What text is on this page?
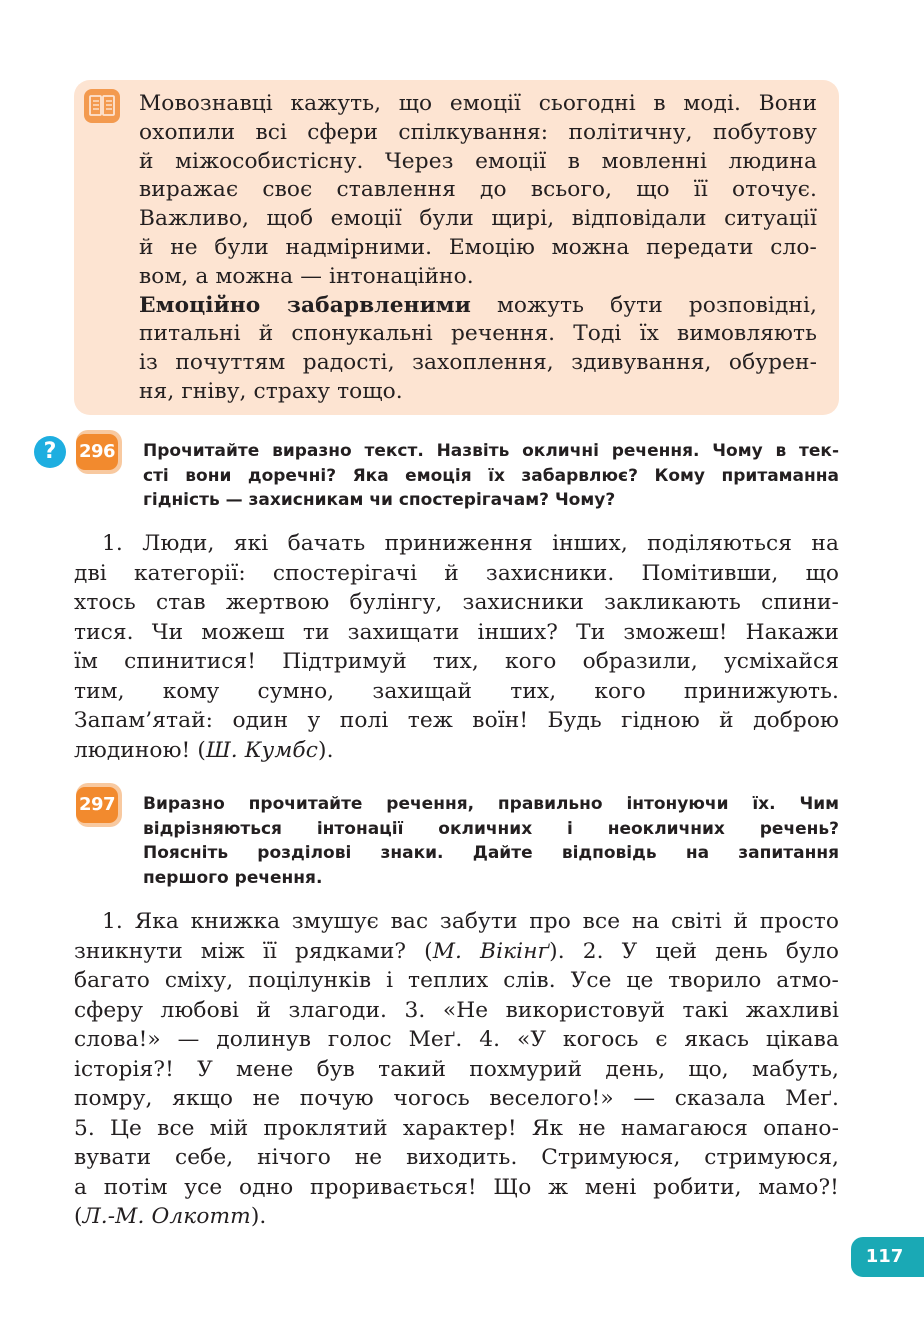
Мовознавці кажуть, що емоції сьогодні в моді. Вони
охопили всі сфери спілкування: політичну, побутову
й міжособистісну. Через емоції в мовленні людина
виражає своє ставлення до всього, що її оточує.
Важливо, щоб емоції були щирі, відповідали ситуації
й не були надмірними. Емоцію можна передати сло-
вом, а можна — інтонаційно.
Емоційно забарвленими можуть бути розповідні,
питальні й спонукальні речення. Тоді їх вимовляють
із почуттям радості, захоплення, здивування, обурен-
ня, гніву, страху тощо.
?	296 Прочитайте виразно текст. Назвіть окличні речення. Чому в тек-
сті вони доречні? Яка емоція їх забарвлює? Кому притаманна
гідність — захисникам чи спостерігачам? Чому?
1. Люди, які бачать приниження інших, поділяються на
дві категорії: спостерігачі й захисники. Помітивши, що
хтось став жертвою булінгу, захисники закликають спини-
тися. Чи можеш ти захищати інших? Ти зможеш! Накажи
їм спинитися! Підтримуй тих, кого образили, усміхайся
тим, кому сумно, захищай тих, кого принижують.
Запам’ятай: один у полі теж воїн! Будь гідною й доброю
людиною! (Ш. Кумбс).
297 Виразно прочитайте речення, правильно інтонуючи їх. Чим
відрізняються інтонації окличних і неокличних речень?
Поясніть розділові знаки. Дайте відповідь на запитання
першого речення.
1. Яка книжка змушує вас забути про все на світі й просто
зникнути між її рядками? (М. Вікінґ). 2. У цей день було
багато сміху, поцілунків і теплих слів. Усе це творило атмо-
сферу любові й злагоди. 3. «Не використовуй такі жахливі
слова!» — долинув голос Меґ. 4. «У когось є якась цікава
історія?! У мене був такий похмурий день, що, мабуть,
помру, якщо не почую чогось веселого!» — сказала Меґ.
5. Це все мій проклятий характер! Як не намагаюся опано-
вувати себе, нічого не виходить. Стримуюся, стримуюся,
а потім усе одно проривається! Що ж мені робити, мамо?!
(Л.-М. Олкотт).
117
